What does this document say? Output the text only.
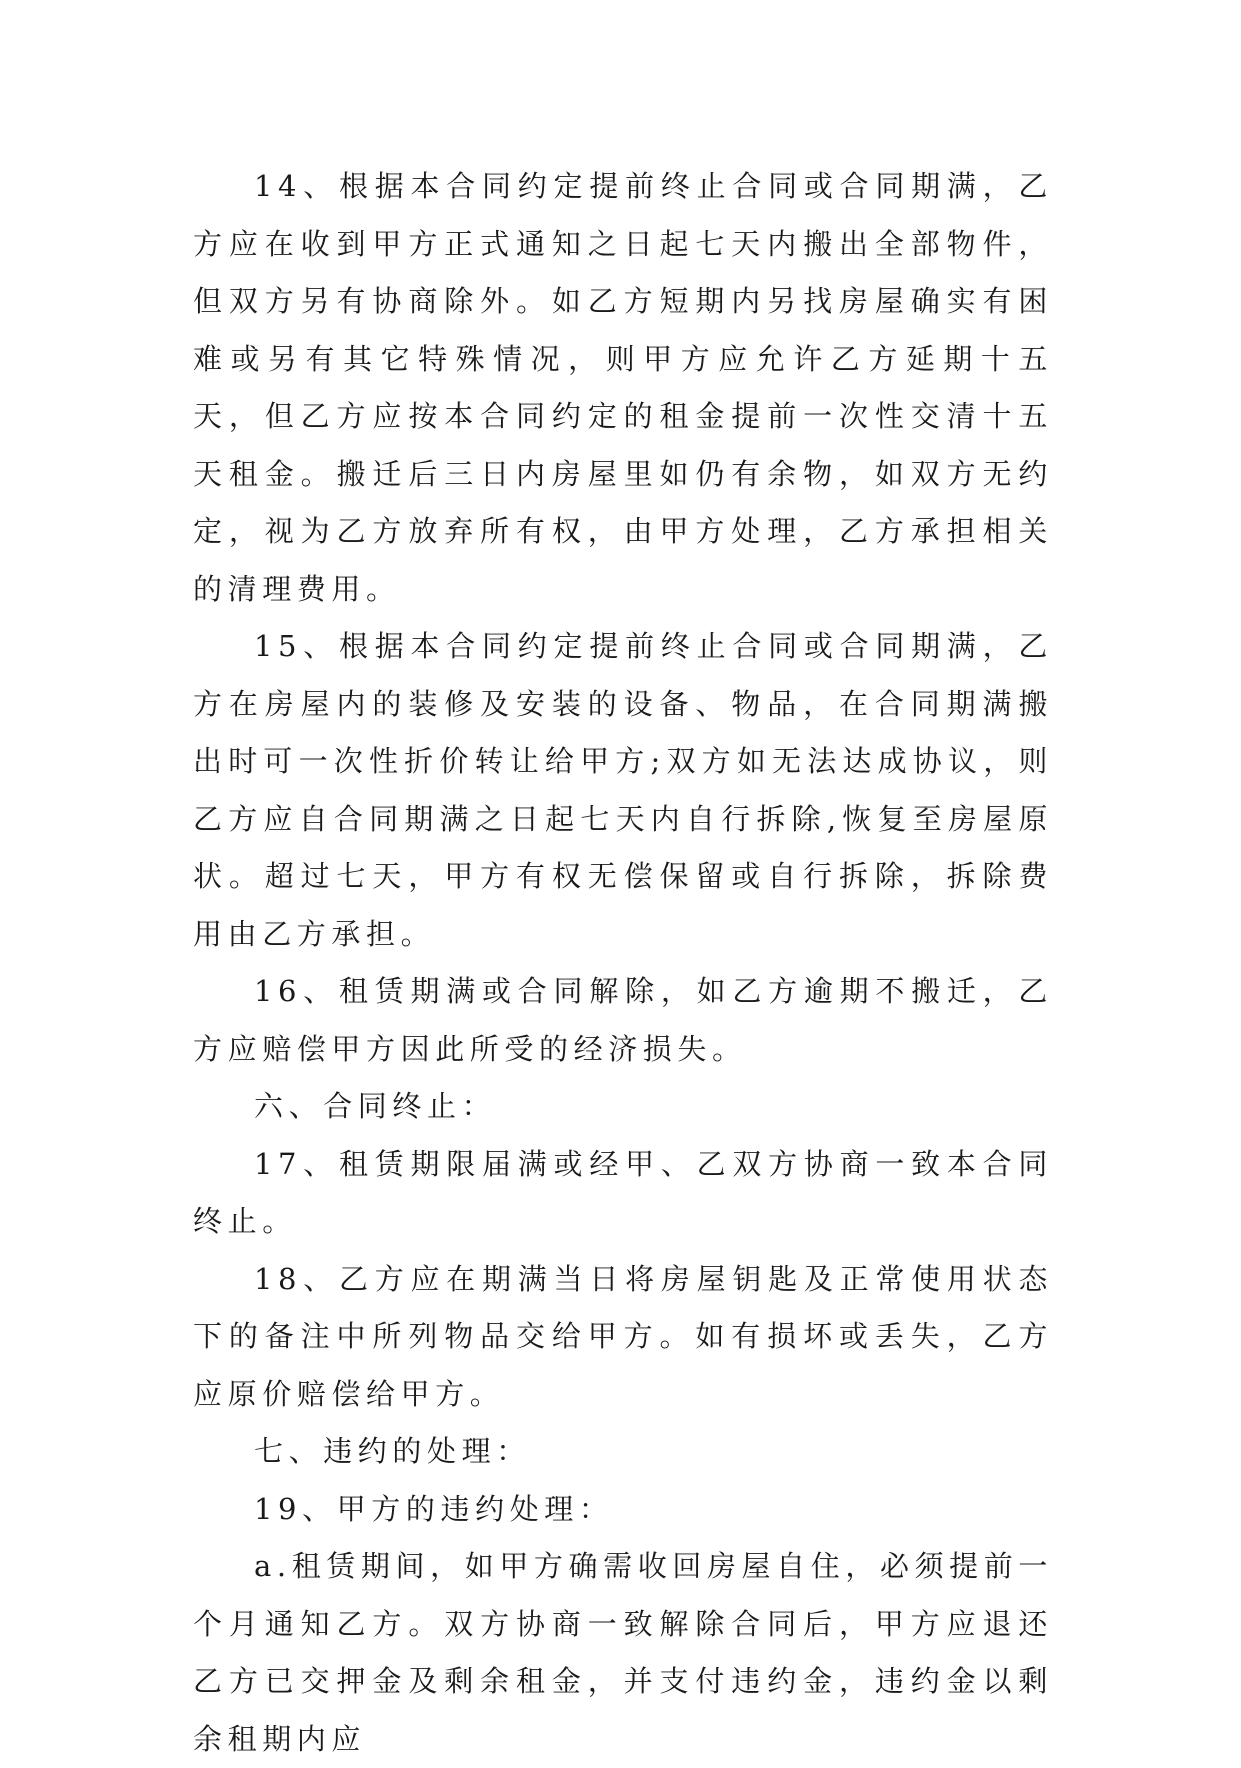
14、根据本合同约定提前终止合同或合同期满，乙方应在收到甲方正式通知之日起七天内搬出全部物件，但双方另有协商除外。如乙方短期内另找房屋确实有困难或另有其它特殊情况，则甲方应允许乙方延期十五天，但乙方应按本合同约定的租金提前一次性交清十五天租金。搬迁后三日内房屋里如仍有余物，如双方无约定，视为乙方放弃所有权，由甲方处理，乙方承担相关的清理费用。

15、根据本合同约定提前终止合同或合同期满，乙方在房屋内的装修及安装的设备、物品，在合同期满搬出时可一次性折价转让给甲方;双方如无法达成协议，则乙方应自合同期满之日起七天内自行拆除,恢复至房屋原状。超过七天，甲方有权无偿保留或自行拆除，拆除费用由乙方承担。

16、租赁期满或合同解除，如乙方逾期不搬迁，乙方应赔偿甲方因此所受的经济损失。

六、合同终止：

17、租赁期限届满或经甲、乙双方协商一致本合同终止。

18、乙方应在期满当日将房屋钥匙及正常使用状态下的备注中所列物品交给甲方。如有损坏或丢失，乙方应原价赔偿给甲方。

七、违约的处理：

19、甲方的违约处理：

a.租赁期间，如甲方确需收回房屋自住，必须提前一个月通知乙方。双方协商一致解除合同后，甲方应退还乙方已交押金及剩余租金，并支付违约金，违约金以剩余租期内应
